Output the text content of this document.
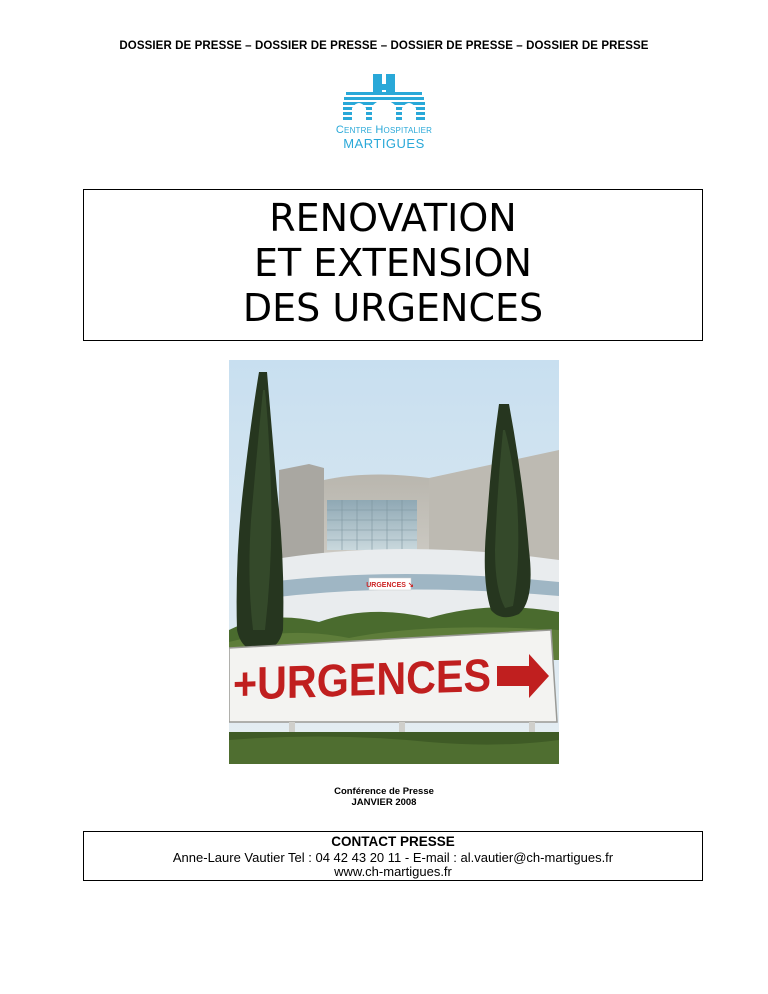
DOSSIER DE PRESSE – DOSSIER DE PRESSE – DOSSIER DE PRESSE – DOSSIER DE PRESSE
Centre Hospitalier
MARTIGUES
RENOVATION
ET EXTENSION
DES URGENCES
URGENCES ↘
+URGENCES
Conférence de Presse
JANVIER 2008
CONTACT PRESSE
Anne-Laure Vautier Tel : 04 42 43 20 11 - E-mail : al.vautier@ch-martigues.fr
www.ch-martigues.fr
